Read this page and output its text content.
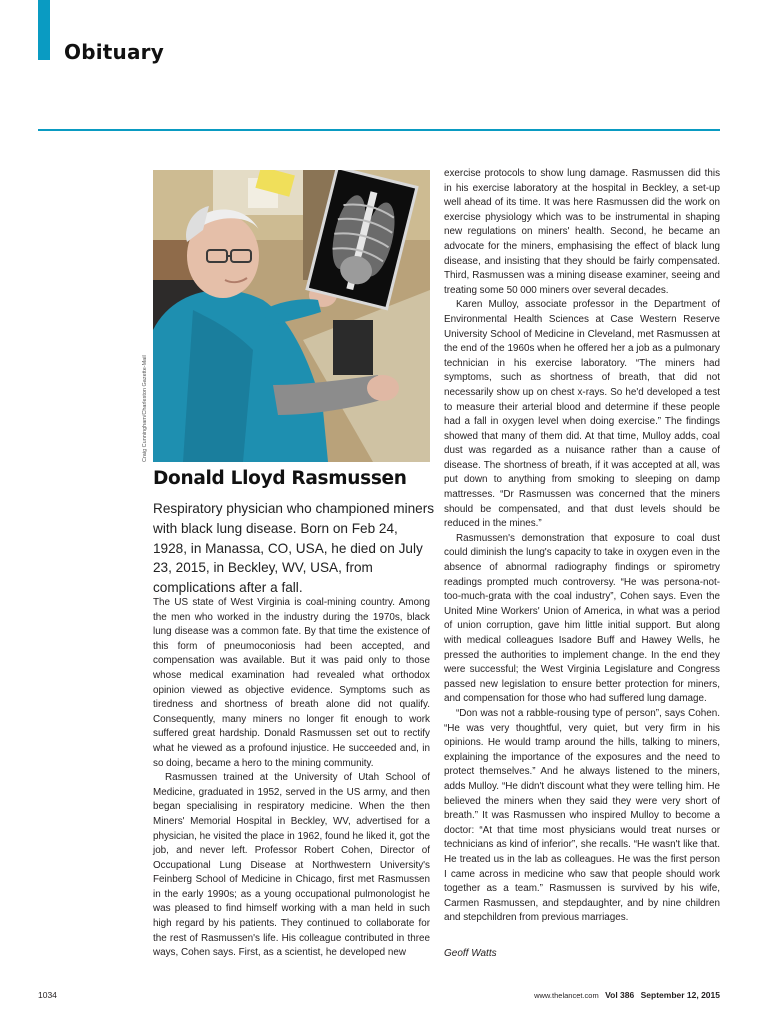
Obituary
Craig Cunningham/Charleston Gazette-Mail
Donald Lloyd Rasmussen
Respiratory physician who championed miners with black lung disease. Born on Feb 24, 1928, in Manassa, CO, USA, he died on July 23, 2015, in Beckley, WV, USA, from complications after a fall.

The US state of West Virginia is coal-mining country. Among the men who worked in the industry during the 1970s, black lung disease was a common fate. By that time the existence of this form of pneumoconiosis had been accepted, and compensation was available. But it was paid only to those whose medical examination had revealed what orthodox opinion viewed as objective evidence. Symptoms such as tiredness and shortness of breath alone did not qualify. Consequently, many miners no longer fit enough to work suffered great hardship. Donald Rasmussen set out to rectify what he viewed as a profound injustice. He succeeded and, in so doing, became a hero to the mining community.

Rasmussen trained at the University of Utah School of Medicine, graduated in 1952, served in the US army, and then began specialising in respiratory medicine. When the then Miners' Memorial Hospital in Beckley, WV, advertised for a physician, he visited the place in 1962, found he liked it, got the job, and never left. Professor Robert Cohen, Director of Occupational Lung Disease at Northwestern University's Feinberg School of Medicine in Chicago, first met Rasmussen in the early 1990s; as a young occupational pulmonologist he was pleased to find himself working with a man held in such high regard by his patients. They continued to collaborate for the rest of Rasmussen's life. His colleague contributed in three ways, Cohen says. First, as a scientist, he developed new

exercise protocols to show lung damage. Rasmussen did this in his exercise laboratory at the hospital in Beckley, a set-up well ahead of its time. It was here Rasmussen did the work on exercise physiology which was to be instrumental in shaping new regulations on miners' health. Second, he became an advocate for the miners, emphasising the effect of black lung disease, and insisting that they should be fairly compensated. Third, Rasmussen was a mining disease examiner, seeing and treating some 50 000 miners over several decades.

Karen Mulloy, associate professor in the Department of Environmental Health Sciences at Case Western Reserve University School of Medicine in Cleveland, met Rasmussen at the end of the 1960s when he offered her a job as a pulmonary technician in his exercise laboratory. “The miners had symptoms, such as shortness of breath, that did not necessarily show up on chest x-rays. So he'd developed a test to measure their arterial blood and determine if these people had a fall in oxygen level when doing exercise.” The findings showed that many of them did. At that time, Mulloy adds, coal dust was regarded as a nuisance rather than a cause of disease. The shortness of breath, if it was accepted at all, was put down to anything from smoking to sleeping on damp mattresses. “Dr Rasmussen was concerned that the miners should be compensated, and that dust levels should be reduced in the mines.”

Rasmussen's demonstration that exposure to coal dust could diminish the lung's capacity to take in oxygen even in the absence of abnormal radiography findings or spirometry readings prompted much controversy. “He was persona-not-too-much-grata with the coal industry”, Cohen says. Even the United Mine Workers' Union of America, in what was a period of union corruption, gave him little initial support. But along with medical colleagues Isadore Buff and Hawey Wells, he pressed the authorities to implement change. In the end they were successful; the West Virginia Legislature and Congress passed new legislation to ensure better protection for miners, and compensation for those who had suffered lung damage.

“Don was not a rabble-rousing type of person”, says Cohen. “He was very thoughtful, very quiet, but very firm in his opinions. He would tramp around the hills, talking to miners, explaining the importance of the exposures and the need to protect themselves.” And he always listened to the miners, adds Mulloy. “He didn't discount what they were telling him. He believed the miners when they said they were very short of breath.” It was Rasmussen who inspired Mulloy to become a doctor: “At that time most physicians would treat nurses or technicians as kind of inferior”, she recalls. “He wasn't like that. He treated us in the lab as colleagues. He was the first person I came across in medicine who saw that people should work together as a team.” Rasmussen is survived by his wife, Carmen Rasmussen, and stepdaughter, and by nine children and stepchildren from previous marriages.

Geoff Watts
1034	www.thelancet.com Vol 386 September 12, 2015
